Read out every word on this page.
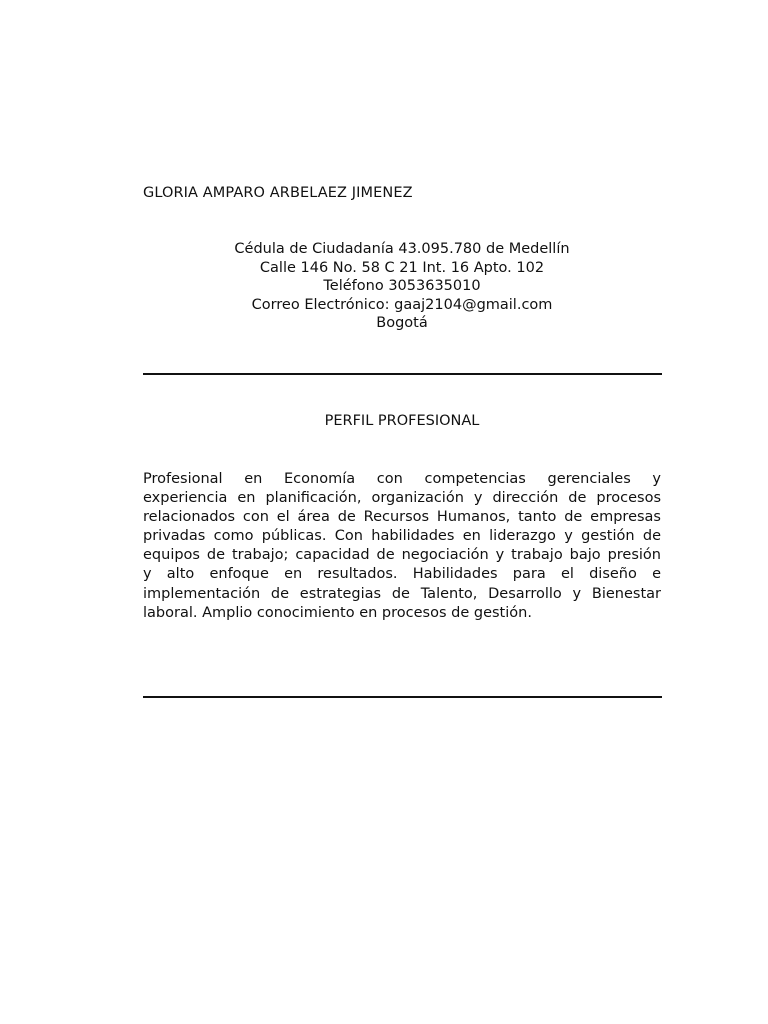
GLORIA AMPARO ARBELAEZ JIMENEZ
Cédula de Ciudadanía 43.095.780 de Medellín
Calle 146 No. 58 C 21 Int. 16 Apto. 102
Teléfono 3053635010
Correo Electrónico: gaaj2104@gmail.com
Bogotá
PERFIL PROFESIONAL
Profesional en Economía con competencias gerenciales y
experiencia en planificación, organización y dirección de procesos
relacionados con el área de Recursos Humanos, tanto de empresas
privadas como públicas. Con habilidades en liderazgo y gestión de
equipos de trabajo; capacidad de negociación y trabajo bajo presión
y alto enfoque en resultados. Habilidades para el diseño e
implementación de estrategias de Talento, Desarrollo y Bienestar
laboral. Amplio conocimiento en procesos de gestión.
